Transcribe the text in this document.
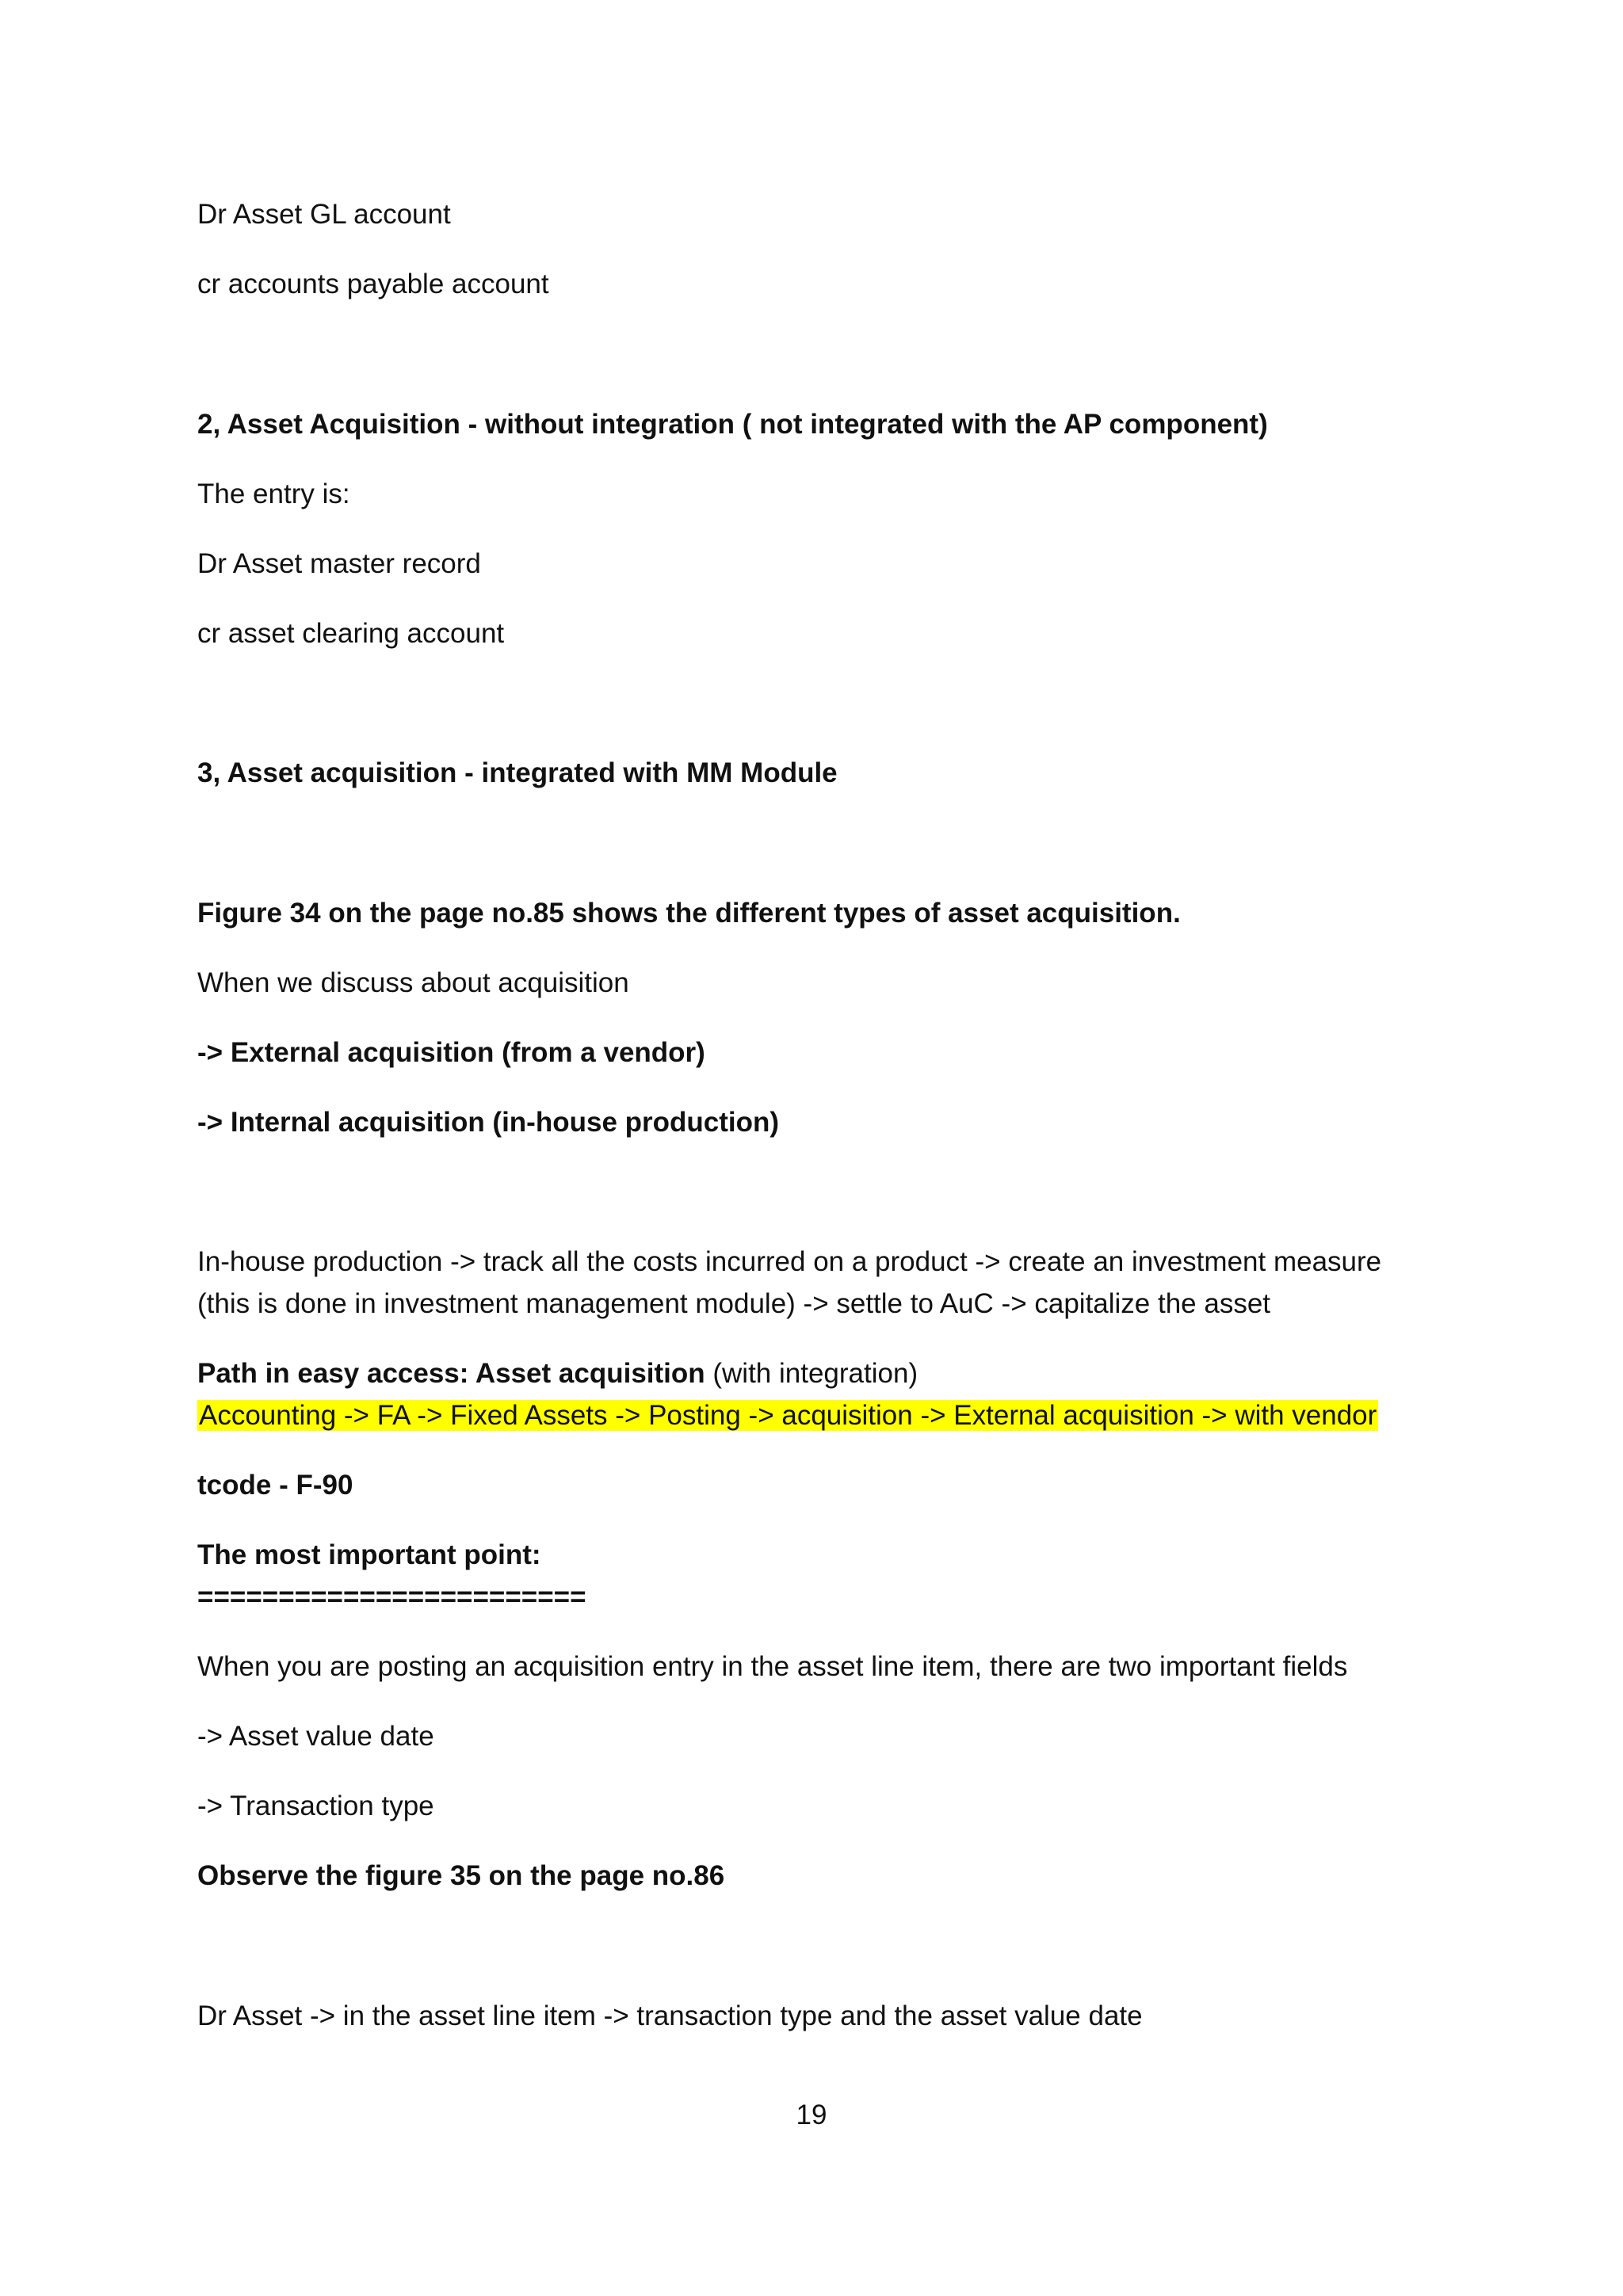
Dr Asset GL account

cr accounts payable account

2, Asset Acquisition - without integration ( not integrated with the AP component)

The entry is:

Dr Asset master record

cr asset clearing account

3, Asset acquisition - integrated with MM Module

Figure 34 on the page no.85 shows the different types of asset acquisition.

When we discuss about acquisition

-> External acquisition (from a vendor)

-> Internal acquisition (in-house production)

In-house production -> track all the costs incurred on a product -> create an investment measure

(this is done in investment management module) -> settle to AuC -> capitalize the asset

Path in easy access: Asset acquisition (with integration)

Accounting -> FA -> Fixed Assets -> Posting -> acquisition -> External acquisition -> with vendor

tcode - F-90

The most important point:

========================

When you are posting an acquisition entry in the asset line item, there are two important fields

-> Asset value date

-> Transaction type

Observe the figure 35 on the page no.86

Dr Asset -> in the asset line item -> transaction type and the asset value date

19
